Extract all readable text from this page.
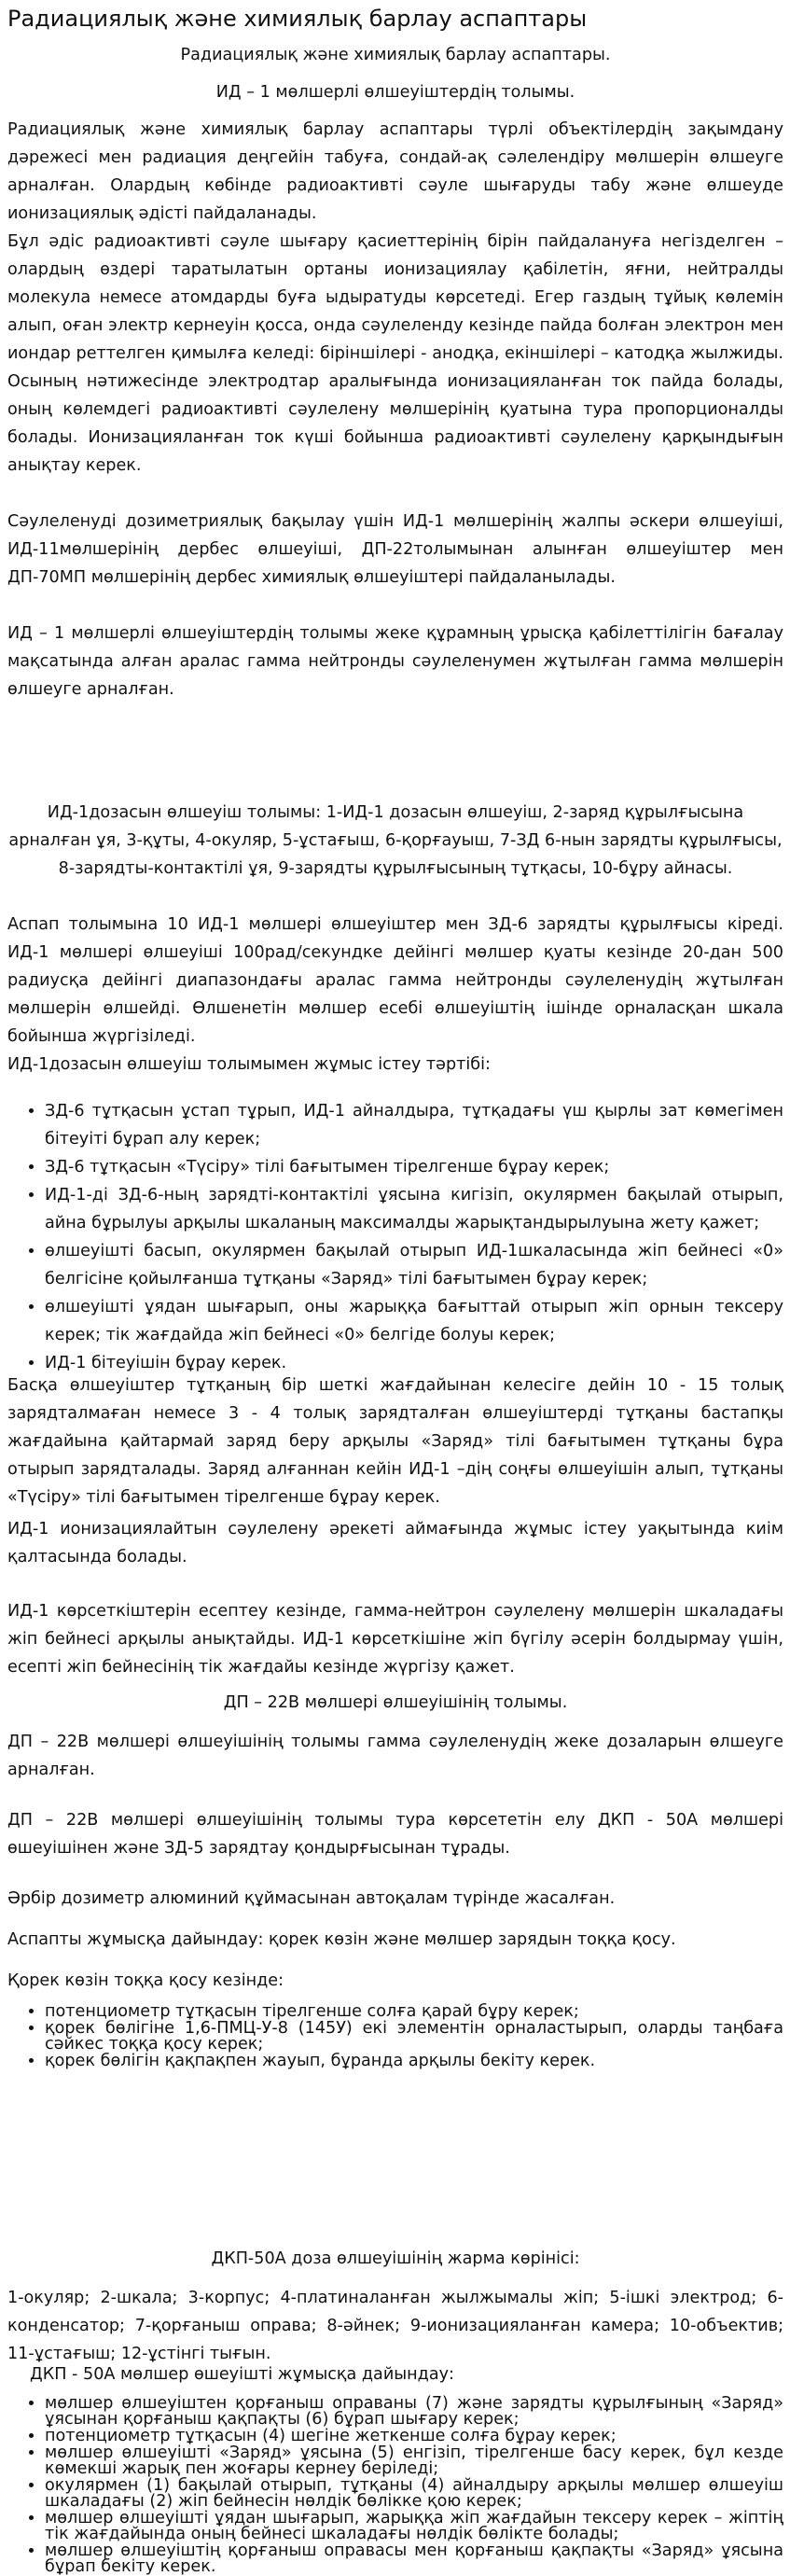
Радиациялық және химиялық барлау аспаптары

Радиациялық және химиялық барлау аспаптары.

ИД – 1 мөлшерлі өлшеуіштердің толымы.

Радиациялық және химиялық барлау аспаптары түрлі объектілердің зақымдану дәрежесі мен радиация деңгейін табуға, сондай-ақ сәлелендіру мөлшерін өлшеуге арналған. Олардың көбінде радиоактивті сәуле шығаруды табу және өлшеуде ионизациялық әдісті пайдаланады.

Бұл әдіс радиоактивті сәуле шығару қасиеттерінің бірін пайдалануға негізделген – олардың өздері таратылатын ортаны ионизациялау қабілетін, яғни, нейтралды молекула немесе атомдарды буға ыдыратуды көрсетеді. Егер газдың тұйық көлемін алып, оған электр кернеуін қосса, онда сәулеленду кезінде пайда болған электрон мен иондар реттелген қимылға келеді: біріншілері - анодқа, екіншілері – катодқа жылжиды. Осының нәтижесінде электродтар аралығында ионизацияланған ток пайда болады, оның көлемдегі радиоактивті сәулелену мөлшерінің қуатына тура пропорционалды болады. Ионизацияланған ток күші бойынша радиоактивті сәулелену қарқындығын анықтау керек.

Сәулеленуді дозиметриялық бақылау үшін ИД-1 мөлшерінің жалпы әскери өлшеуіші, ИД-11мөлшерінің дербес өлшеуіші, ДП-22толымынан алынған өлшеуіштер мен ДП-70МП мөлшерінің дербес химиялық өлшеуіштері пайдаланылады.

ИД – 1 мөлшерлі өлшеуіштердің толымы жеке құрамның ұрысқа қабілеттілігін бағалау мақсатында алған аралас гамма нейтронды сәулеленумен жұтылған гамма мөлшерін өлшеуге арналған.

ИД-1дозасын өлшеуіш толымы: 1-ИД-1 дозасын өлшеуіш, 2-заряд құрылғысына арналған ұя, 3-құты, 4-окуляр, 5-ұстағыш, 6-қорғауыш, 7-ЗД 6-нын зарядты құрылғысы, 8-зарядты-контактілі ұя, 9-зарядты құрылғысының тұтқасы, 10-бұру айнасы.

Аспап толымына 10 ИД-1 мөлшері өлшеуіштер мен ЗД-6 зарядты құрылғысы кіреді. ИД-1 мөлшері өлшеуіші 100рад/секундке дейінгі мөлшер қуаты кезінде 20-дан 500 радиусқа дейінгі диапазондағы аралас гамма нейтронды сәулеленудің жұтылған мөлшерін өлшейді. Өлшенетін мөлшер есебі өлшеуіштің ішінде орналасқан шкала бойынша жүргізіледі.

ИД-1дозасын өлшеуіш толымымен жұмыс істеу тәртібі:

• ЗД-6 тұтқасын ұстап тұрып, ИД-1 айналдыра, тұтқадағы үш қырлы зат көмегімен бітеуіті бұрап алу керек;
• ЗД-6 тұтқасын «Түсіру» тілі бағытымен тірелгенше бұрау керек;
• ИД-1-ді ЗД-6-ның зарядті-контактілі ұясына кигізіп, окулярмен бақылай отырып, айна бұрылуы арқылы шкаланың максималды жарықтандырылуына жету қажет;
• өлшеуішті басып, окулярмен бақылай отырып ИД-1шкаласында жіп бейнесі «0» белгісіне қойылғанша тұтқаны «Заряд» тілі бағытымен бұрау керек;
• өлшеуішті ұядан шығарып, оны жарыққа бағыттай отырып жіп орнын тексеру керек; тік жағдайда жіп бейнесі «0» белгіде болуы керек;
• ИД-1 бітеуішін бұрау керек.

Басқа өлшеуіштер тұтқаның бір шеткі жағдайынан келесіге дейін 10 - 15 толық зарядталмаған немесе 3 - 4 толық зарядталған өлшеуіштерді тұтқаны бастапқы жағдайына қайтармай заряд беру арқылы «Заряд» тілі бағытымен тұтқаны бұра отырып зарядталады. Заряд алғаннан кейін ИД-1 –дің соңғы өлшеуішін алып, тұтқаны «Түсіру» тілі бағытымен тірелгенше бұрау керек.

ИД-1 ионизациялайтын сәулелену әрекеті аймағында жұмыс істеу уақытында киім қалтасында болады.

ИД-1 көрсеткіштерін есептеу кезінде, гамма-нейтрон сәулелену мөлшерін шкаладағы жіп бейнесі арқылы анықтайды. ИД-1 көрсеткішіне жіп бүгілу әсерін болдырмау үшін, есепті жіп бейнесінің тік жағдайы кезінде жүргізу қажет.

ДП – 22В мөлшері өлшеуішінің толымы.

ДП – 22В мөлшері өлшеуішінің толымы гамма сәулеленудің жеке дозаларын өлшеуге арналған.

ДП – 22В мөлшері өлшеуішінің толымы тура көрсететін елу ДКП - 50А мөлшері өшеуішінен және ЗД-5 зарядтау қондырғысынан тұрады.

Әрбір дозиметр алюминий құймасынан автоқалам түрінде жасалған.

Аспапты жұмысқа дайындау: қорек көзін және мөлшер зарядын тоққа қосу.

Қорек көзін тоққа қосу кезінде:

• потенциометр тұтқасын тірелгенше солға қарай бұру керек;
• қорек бөлігіне 1,6-ПМЦ-У-8 (145У) екі элементін орналастырып, оларды таңбаға сәйкес тоққа қосу керек;
• қорек бөлігін қақпақпен жауып, бұрандa арқылы бекіту керек.

ДКП-50А доза өлшеуішінің жарма көрінісі:

1-окуляр; 2-шкала; 3-корпус; 4-платиналанған жылжымалы жіп; 5-ішкі электрод; 6-конденсатор; 7-қорғаныш оправа; 8-әйнек; 9-ионизацияланған камера; 10-объектив; 11-ұстағыш; 12-ұстінгі тығын.

ДКП - 50А мөлшер өшеуішті жұмысқа дайындау:

• мөлшер өлшеуіштен қорғаныш оправаны (7) және зарядты құрылғының «Заряд» ұясынан қорғаныш қақпақты (6) бұрап шығару керек;
• потенциометр тұтқасын (4) шегіне жеткенше солға бұрау керек;
• мөлшер өлшеуішті «Заряд» ұясына (5) енгізіп, тірелгенше басу керек, бұл кезде көмекші жарық пен жоғары кернеу беріледі;
• окулярмен (1) бақылай отырып, тұтқаны (4) айналдыру арқылы мөлшер өлшеуіш шкаладағы (2) жіп бейнесін нөлдік бөлікке қою керек;
• мөлшер өлшеуішті ұядан шығарып, жарыққа жіп жағдайын тексеру керек – жіптің тік жағдайында оның бейнесі шкаладағы нөлдік бөлікте болады;
• мөлшер өлшеуіштің қорғаныш оправасы мен қорғаныш қақпақты «Заряд» ұясына бұрап бекіту керек.
